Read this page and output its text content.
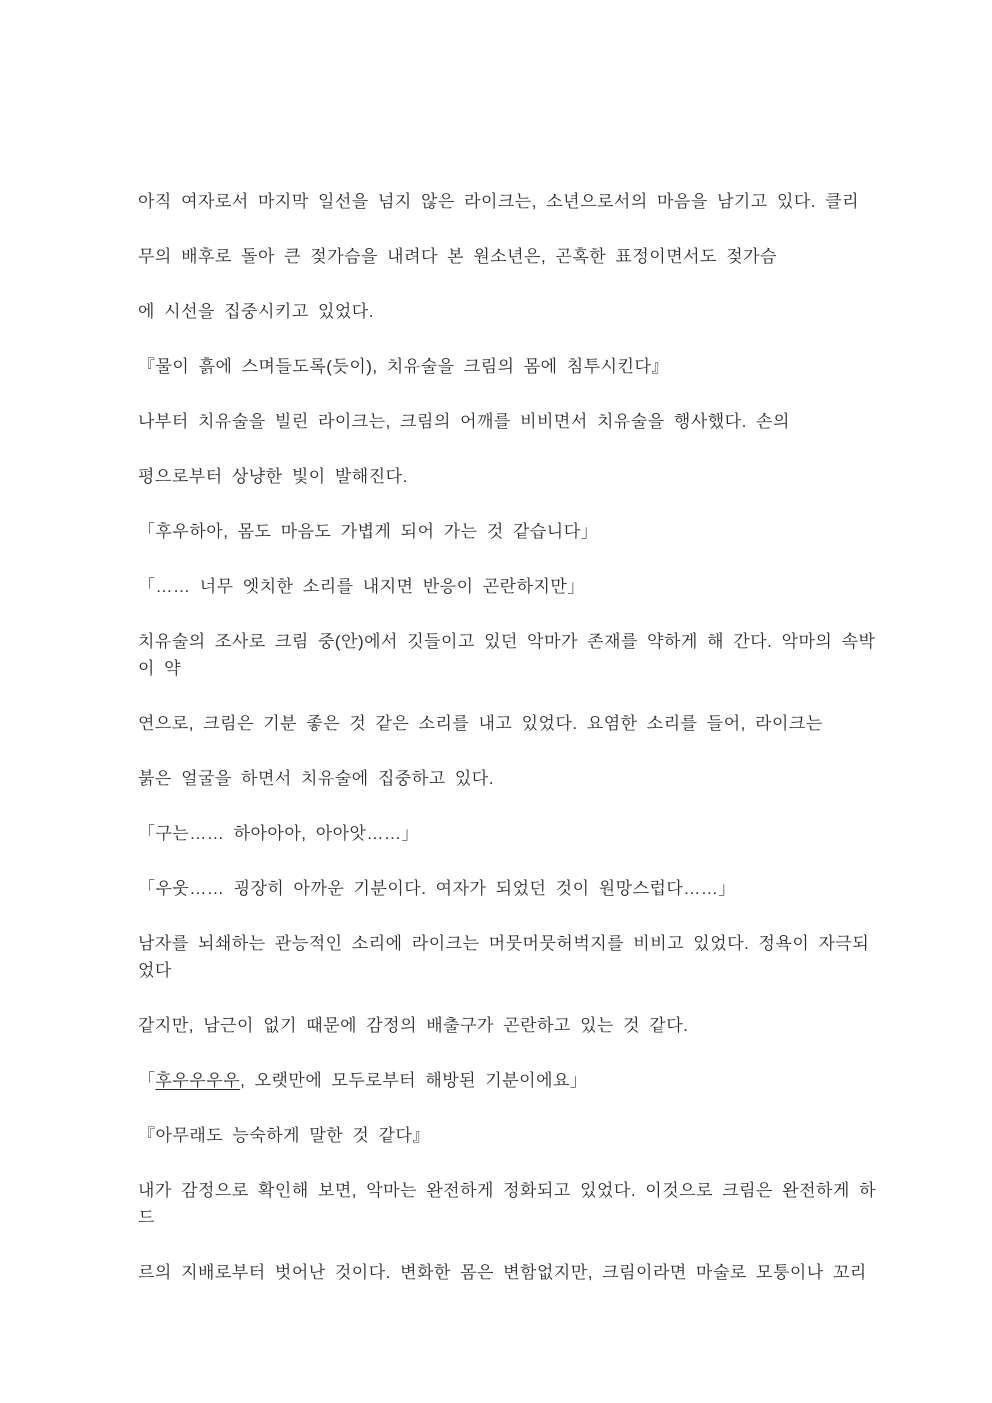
아직 여자로서 마지막 일선을 넘지 않은 라이크는, 소년으로서의 마음을 남기고 있다. 클리

무의 배후로 돌아 큰 젖가슴을 내려다 본 원소년은, 곤혹한 표정이면서도 젖가슴

에 시선을 집중시키고 있었다.

『물이 흙에 스며들도록(듯이), 치유술을 크림의 몸에 침투시킨다』

나부터 치유술을 빌린 라이크는, 크림의 어깨를 비비면서 치유술을 행사했다. 손의

평으로부터 상냥한 빛이 발해진다.

「후우하아, 몸도 마음도 가볍게 되어 가는 것 같습니다」

「…… 너무 엣치한 소리를 내지면 반응이 곤란하지만」

치유술의 조사로 크림 중(안)에서 깃들이고 있던 악마가 존재를 약하게 해 간다. 악마의 속박
이 약

연으로, 크림은 기분 좋은 것 같은 소리를 내고 있었다. 요염한 소리를 들어, 라이크는

붉은 얼굴을 하면서 치유술에 집중하고 있다.

「구는…… 하아아아, 아아앗……」

「우웃…… 굉장히 아까운 기분이다. 여자가 되었던 것이 원망스럽다……」

남자를 뇌쇄하는 관능적인 소리에 라이크는 머뭇머뭇허벅지를 비비고 있었다. 정욕이 자극되
었다

같지만, 남근이 없기 때문에 감정의 배출구가 곤란하고 있는 것 같다.

「후우우우우, 오랫만에 모두로부터 해방된 기분이에요」

『아무래도 능숙하게 말한 것 같다』

내가 감정으로 확인해 보면, 악마는 완전하게 정화되고 있었다. 이것으로 크림은 완전하게 하
드

르의 지배로부터 벗어난 것이다. 변화한 몸은 변함없지만, 크림이라면 마술로 모퉁이나 꼬리
